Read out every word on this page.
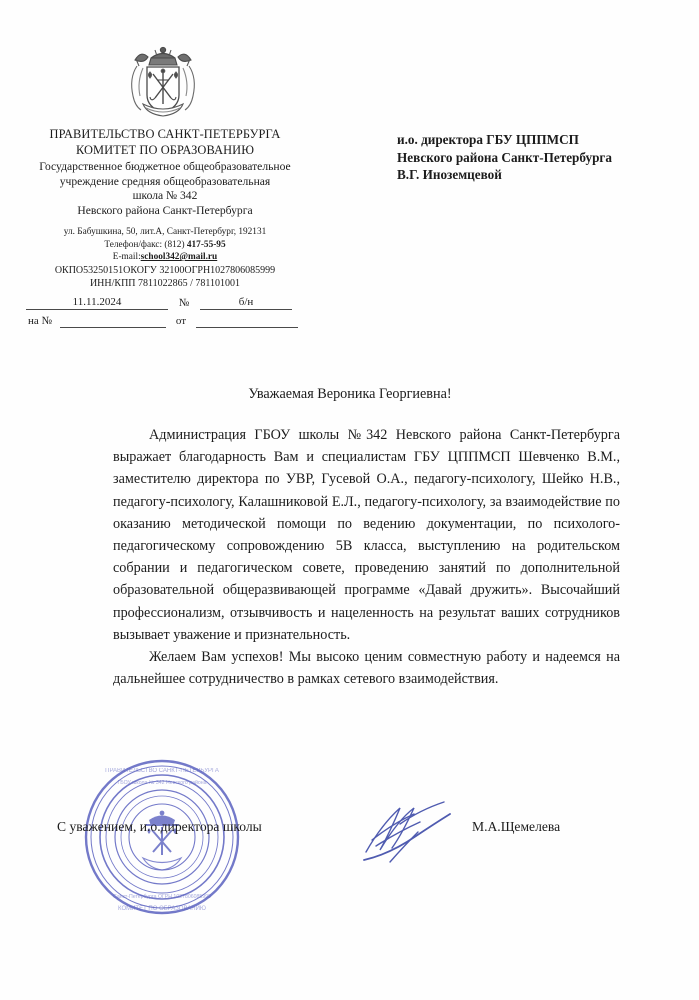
ПРАВИТЕЛЬСТВО САНКТ-ПЕТЕРБУРГА
КОМИТЕТ ПО ОБРАЗОВАНИЮ
Государственное бюджетное общеобразовательное
учреждение средняя общеобразовательная
школа № 342
Невского района Санкт-Петербурга
ул. Бабушкина, 50, лит.А, Санкт-Петербург, 192131
Телефон/факс: (812) 417-55-95
E-mail:school342@mail.ru
ОКПО53250151ОКОГУ 32100ОГРН1027806085999
ИНН/КПП 7811022865 / 781101001
11.11.2024	№	б/н
на №	от
и.о. директора ГБУ ЦППМСП
Невского района Санкт-Петербурга
В.Г. Иноземцевой
Уважаемая Вероника Георгиевна!

Администрация ГБОУ школы №342 Невского района Санкт-Петербурга выражает благодарность Вам и специалистам ГБУ ЦППМСП Шевченко В.М., заместителю директора по УВР, Гусевой О.А., педагогу-психологу, Шейко Н.В., педагогу-психологу, Калашниковой Е.Л., педагогу-психологу, за взаимодействие по оказанию методической помощи по ведению документации, по психолого-педагогическому сопровождению 5В класса, выступлению на родительском собрании и педагогическом совете, проведению занятий по дополнительной образовательной общеразвивающей программе «Давай дружить». Высочайший профессионализм, отзывчивость и нацеленность на результат ваших сотрудников вызывает уважение и признательность.

Желаем Вам успехов! Мы высоко ценим совместную работу и надеемся на дальнейшее сотрудничество в рамках сетевого взаимодействия.

ПРАВИТЕЛЬСТВО САНКТ-ПЕТЕРБУРГА
КОМИТЕТ ПО ОБРАЗОВАНИЮ
ГБОУ школа № 342 Невского района
Санкт-Петербурга ОГРН 1027806085999
С уважением, и.о.директора школы	М.А.Щемелева
